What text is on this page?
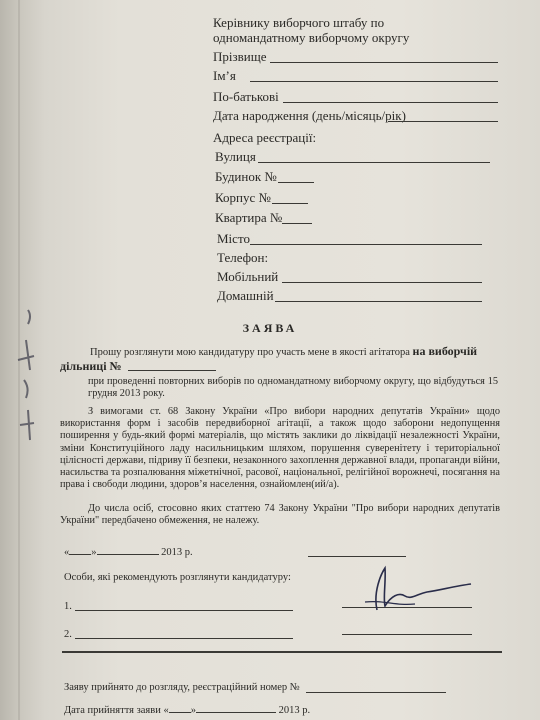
Керівнику виборчого штабу по
одномандатному виборчому округу
Прізвище
Ім’я
По-батькові
Дата народження (день/місяць/рік)
Адреса реєстрації:
Вулиця
Будинок №
Корпус №
Квартира №
Місто
Телефон:
Мобільний
Домашній
ЗАЯВА
Прошу розглянути мою кандидатуру про участь мене в якості агітатора на виборчій
дільниці №
при проведенні повторних виборів по одномандатному виборчому округу, що відбудуться 15 грудня 2013 року.
З вимогами ст. 68 Закону України «Про вибори народних депутатів України» щодо використання форм і засобів передвиборної агітації, а також щодо заборони недопущення поширення у будь-який формі матеріалів, що містять заклики до ліквідації незалежності України, зміни Конституційного ладу насильницьким шляхом, порушення суверенітету і територіальної цілісності держави, підриву її безпеки, незаконного захоплення державної влади, пропаганди війни, насильства та розпалювання міжетнічної, расової, національної, релігійної ворожнечі, посягання на права і свободи людини, здоров’я населення, ознайомлен(ий/а).
До числа осіб, стосовно яких статтею 74 Закону України "Про вибори народних депутатів України" передбачено обмеження, не належу.
« »	2013 р.
Особи, які рекомендують розглянути кандидатуру:
1.
2.
Заяву прийнято до розгляду, реєстраційний номер №
Дата прийняття заяви « »	2013 р.
